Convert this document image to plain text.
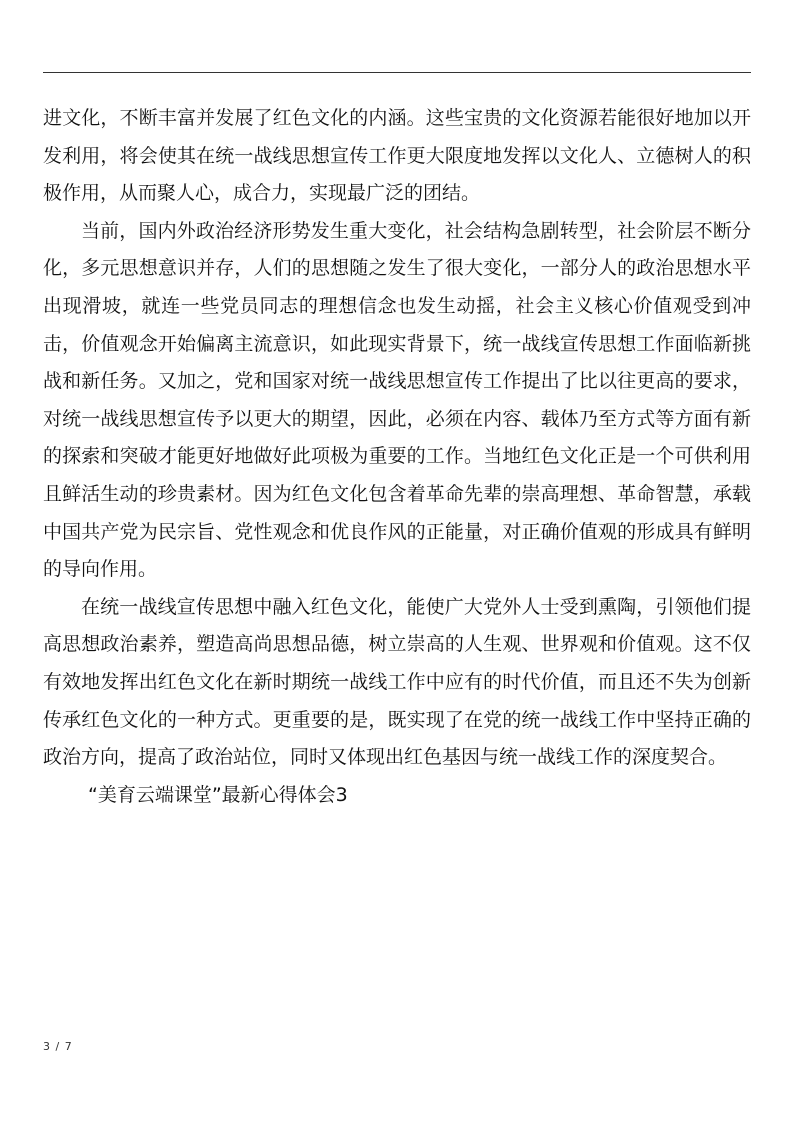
进文化，不断丰富并发展了红色文化的内涵。这些宝贵的文化资源若能很好地加以开发利用，将会使其在统一战线思想宣传工作更大限度地发挥以文化人、立德树人的积极作用，从而聚人心，成合力，实现最广泛的团结。

当前，国内外政治经济形势发生重大变化，社会结构急剧转型，社会阶层不断分化，多元思想意识并存，人们的思想随之发生了很大变化，一部分人的政治思想水平出现滑坡，就连一些党员同志的理想信念也发生动摇，社会主义核心价值观受到冲击，价值观念开始偏离主流意识，如此现实背景下，统一战线宣传思想工作面临新挑战和新任务。又加之，党和国家对统一战线思想宣传工作提出了比以往更高的要求，对统一战线思想宣传予以更大的期望，因此，必须在内容、载体乃至方式等方面有新的探索和突破才能更好地做好此项极为重要的工作。当地红色文化正是一个可供利用且鲜活生动的珍贵素材。因为红色文化包含着革命先辈的崇高理想、革命智慧，承载中国共产党为民宗旨、党性观念和优良作风的正能量，对正确价值观的形成具有鲜明的导向作用。

在统一战线宣传思想中融入红色文化，能使广大党外人士受到熏陶，引领他们提高思想政治素养，塑造高尚思想品德，树立崇高的人生观、世界观和价值观。这不仅有效地发挥出红色文化在新时期统一战线工作中应有的时代价值，而且还不失为创新传承红色文化的一种方式。更重要的是，既实现了在党的统一战线工作中坚持正确的政治方向，提高了政治站位，同时又体现出红色基因与统一战线工作的深度契合。

“美育云端课堂”最新心得体会3

3 / 7
